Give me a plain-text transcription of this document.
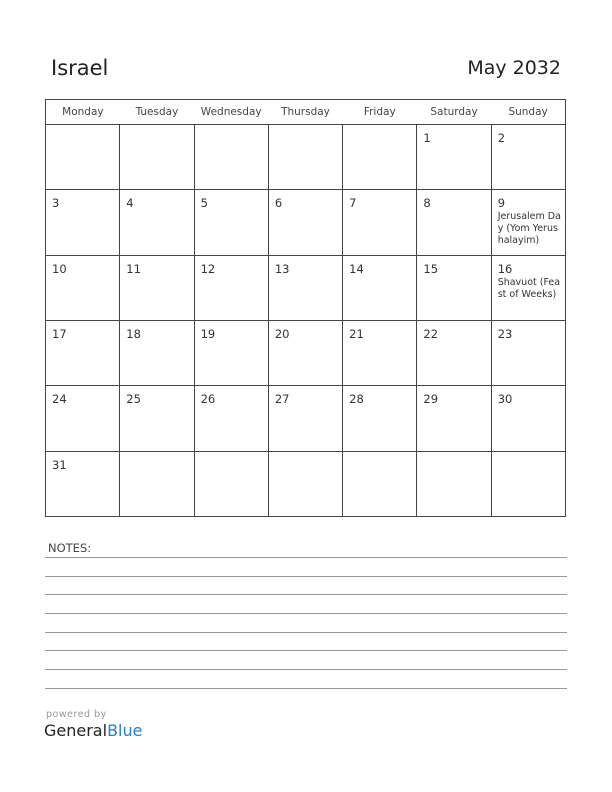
Israel	May 2032
Monday	Tuesday	Wednesday	Thursday	Friday	Saturday	Sunday

					1	2

3	4	5	6	7	8	9
Jerusalem Day (Yom Yerushalayim)

10	11	12	13	14	15	16
Shavuot (Feast of Weeks)

17	18	19	20	21	22	23

24	25	26	27	28	29	30

31						

NOTES:
powered by
GeneralBlue
